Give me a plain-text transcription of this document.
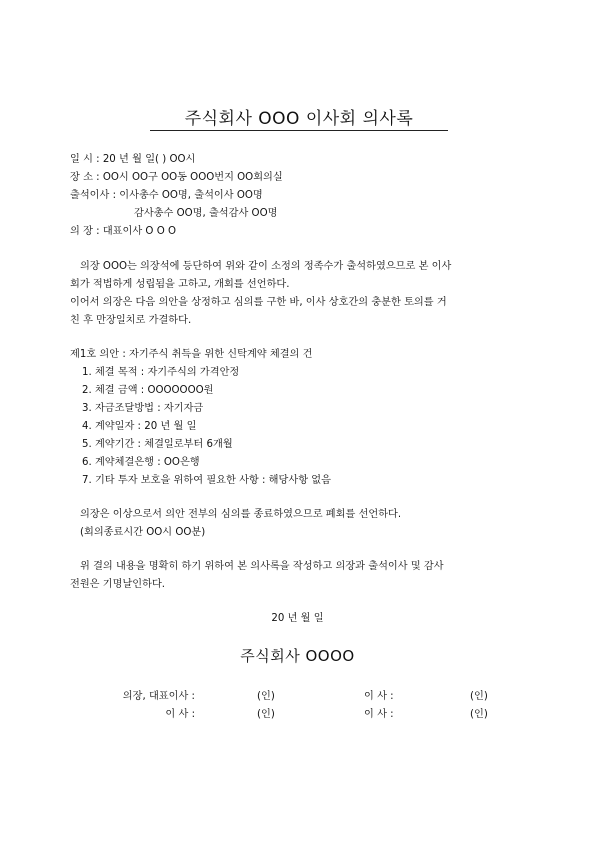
주식회사 OOO 이사회 의사록
일 시 : 20 년 월 일( ) OO시
장 소 : OO시 OO구 OO동 OOO번지 OO회의실
출석이사 : 이사총수 OO명, 출석이사 OO명
감사총수 OO명, 출석감사 OO명
의 장 : 대표이사 O O O
의장 OOO는 의장석에 등단하여 위와 같이 소정의 정족수가 출석하였으므로 본 이사
회가 적법하게 성립됨을 고하고, 개회를 선언하다.
이어서 의장은 다음 의안을 상정하고 심의를 구한 바, 이사 상호간의 충분한 토의를 거
친 후 만장일치로 가결하다.
제1호 의안 : 자기주식 취득을 위한 신탁계약 체결의 건
1. 체결 목적 : 자기주식의 가격안정
2. 체결 금액 : OOOOOOO원
3. 자금조달방법 : 자기자금
4. 계약일자 : 20 년 월 일
5. 계약기간 : 체결일로부터 6개월
6. 계약체결은행 : OO은행
7. 기타 투자 보호을 위하여 필요한 사항 : 해당사항 없음
의장은 이상으로서 의안 전부의 심의를 종료하였으므로 폐회를 선언하다.
(회의종료시간 OO시 OO분)
위 결의 내용을 명확히 하기 위하여 본 의사록을 작성하고 의장과 출석이사 및 감사
전원은 기명날인하다.
20 년 월 일
주식회사 OOOO
의장, 대표이사 :	(인)	이 사 :	(인)
이 사 :	(인)	이 사 :	(인)
